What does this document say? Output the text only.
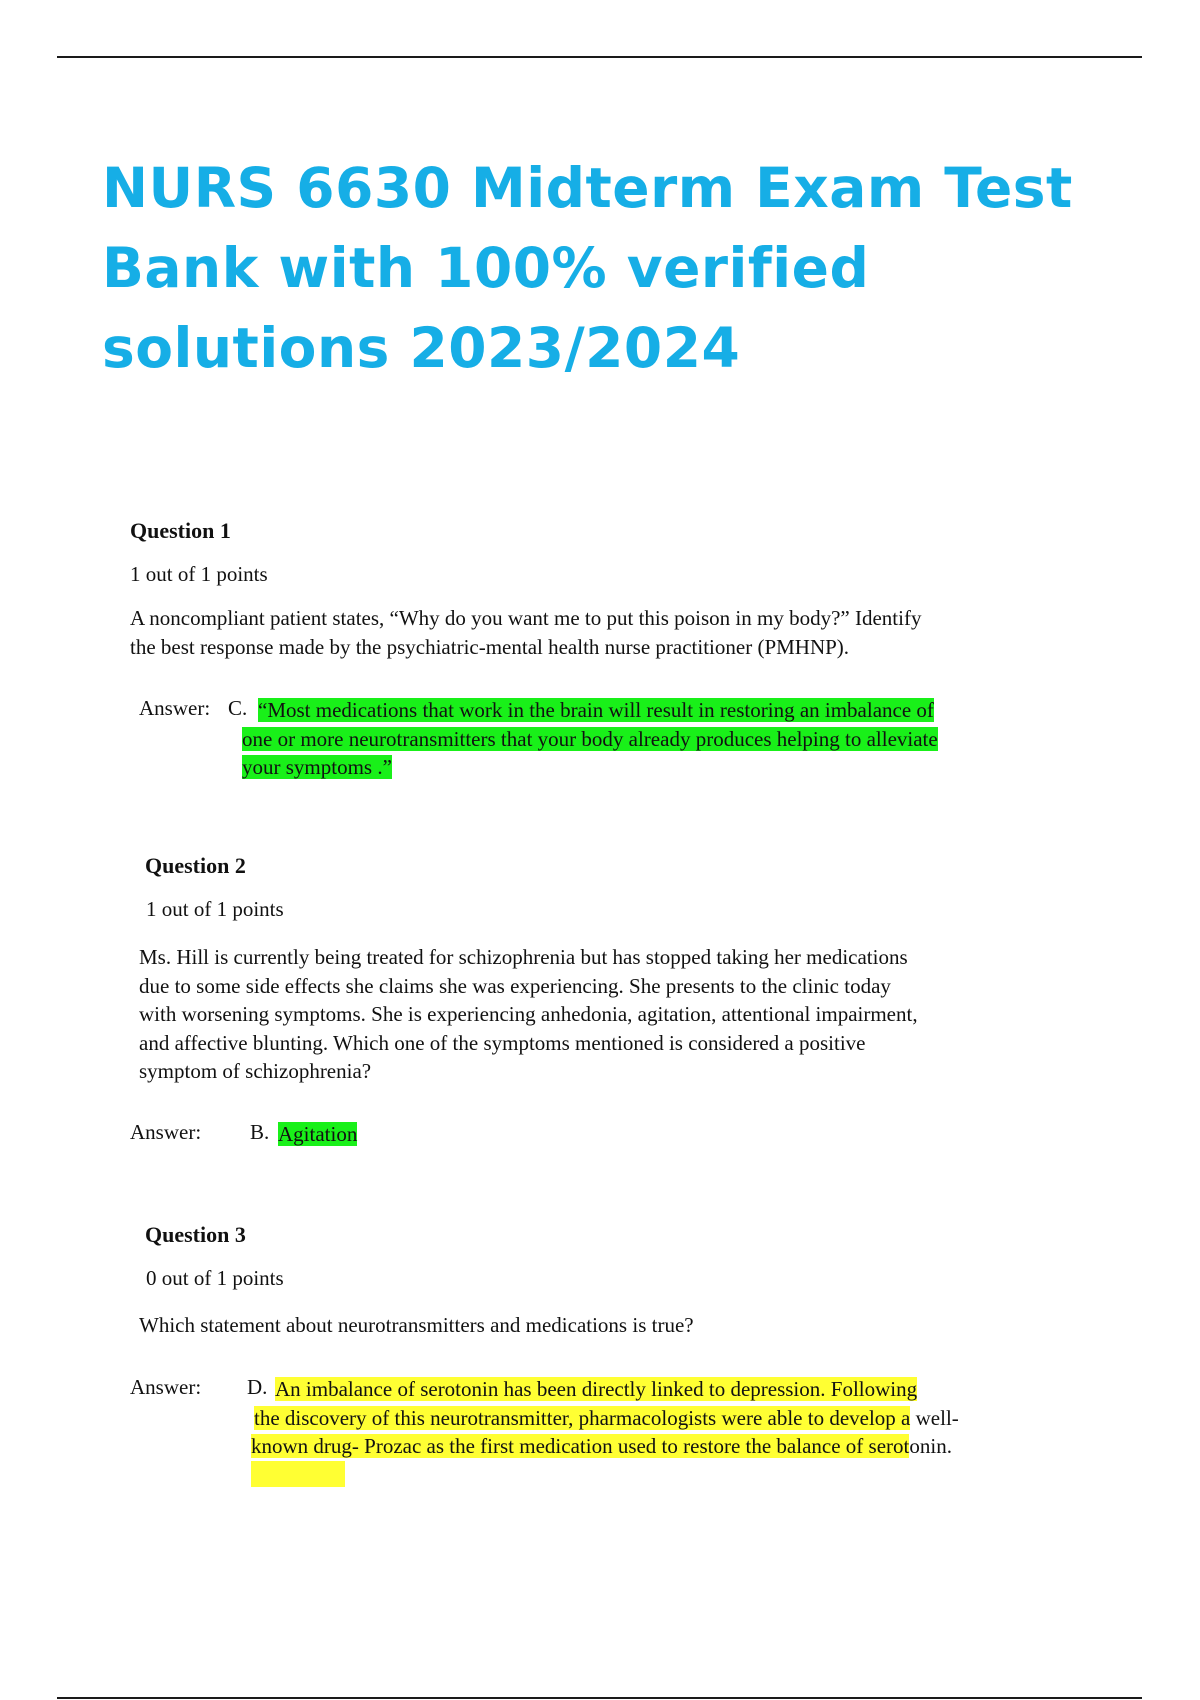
NURS 6630 Midterm Exam Test
Bank with 100% verified
solutions 2023/2024
Question 1
1 out of 1 points
A noncompliant patient states, “Why do you want me to put this poison in my body?” Identify
the best response made by the psychiatric-mental health nurse practitioner (PMHNP).
Answer: C. “Most medications that work in the brain will result in restoring an imbalance of
one or more neurotransmitters that your body already produces helping to alleviate
your symptoms .”
Question 2
1 out of 1 points
Ms. Hill is currently being treated for schizophrenia but has stopped taking her medications
due to some side effects she claims she was experiencing. She presents to the clinic today
with worsening symptoms. She is experiencing anhedonia, agitation, attentional impairment,
and affective blunting. Which one of the symptoms mentioned is considered a positive
symptom of schizophrenia?
Answer: B. Agitation
Question 3
0 out of 1 points
Which statement about neurotransmitters and medications is true?
Answer: D. An imbalance of serotonin has been directly linked to depression. Following
the discovery of this neurotransmitter, pharmacologists were able to develop a well-
known drug- Prozac as the first medication used to restore the balance of serotonin.
